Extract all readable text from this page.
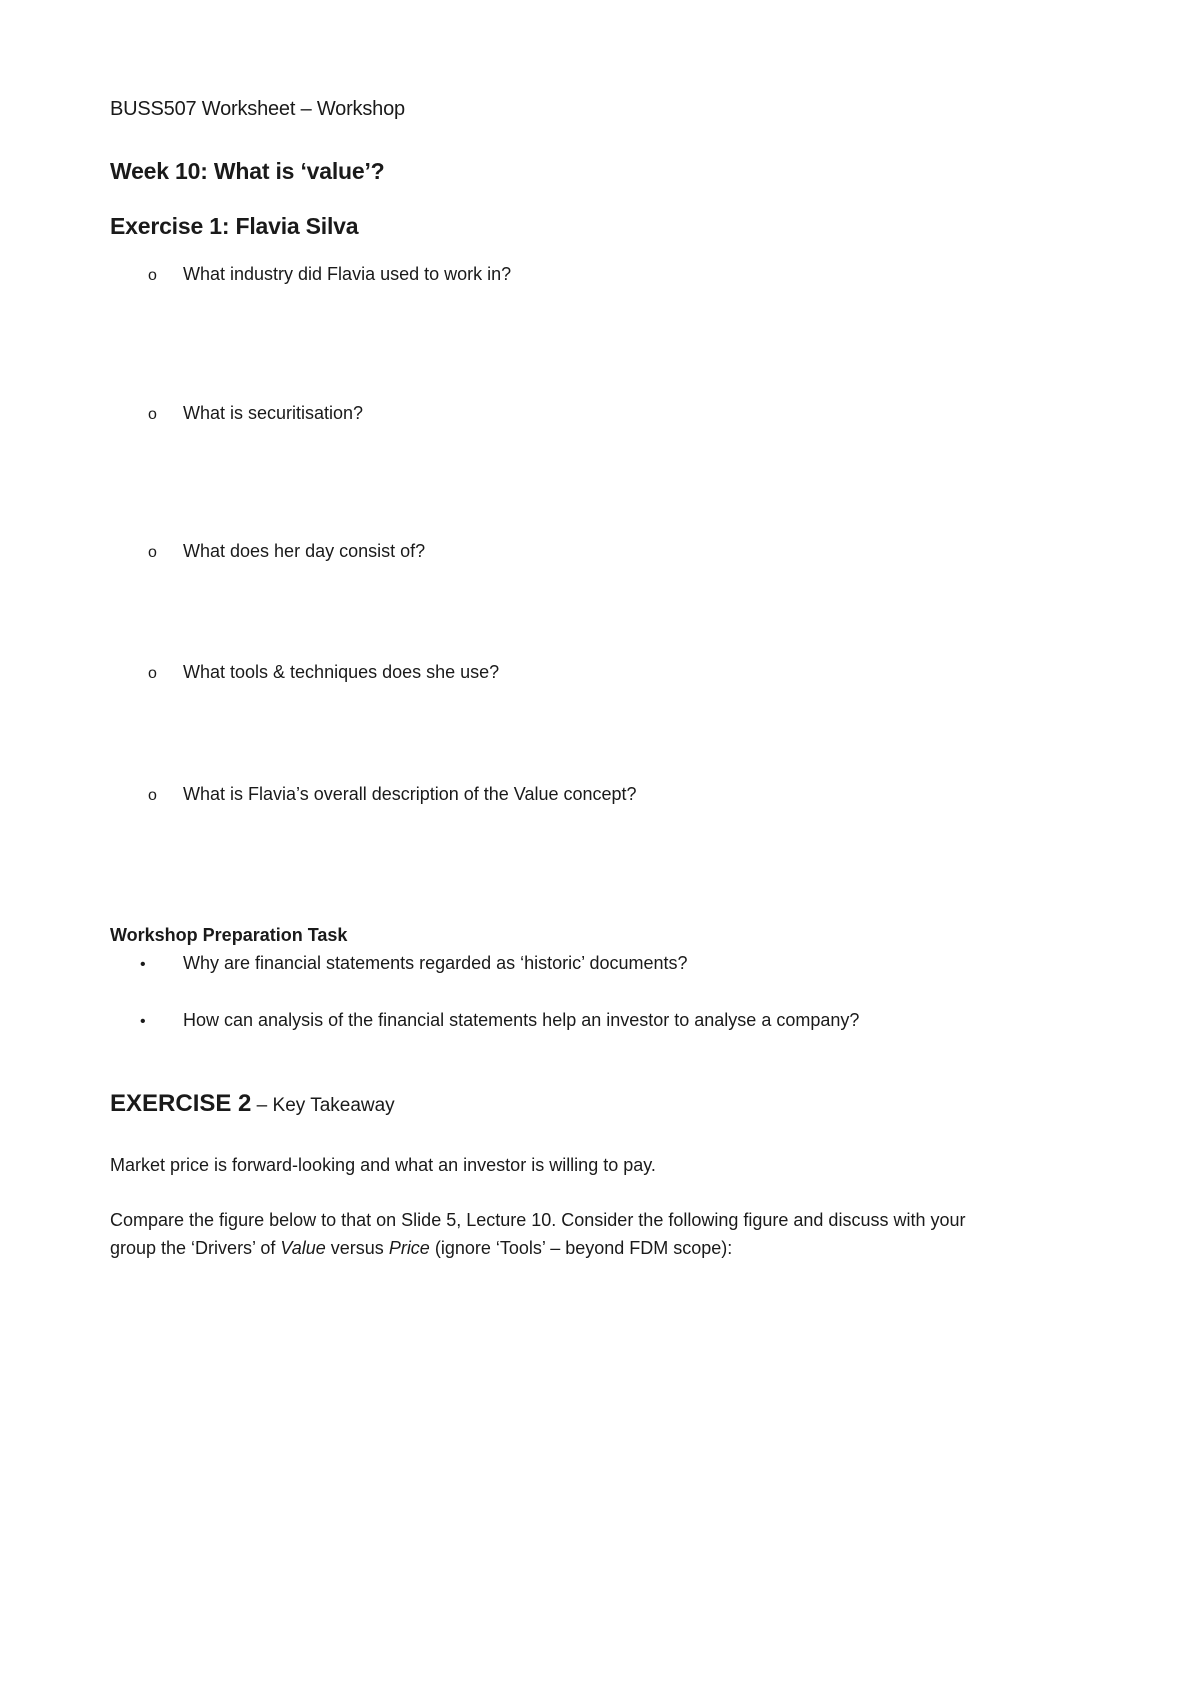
BUSS507 Worksheet – Workshop
Week 10: What is ‘value’?
Exercise 1: Flavia Silva
o	What industry did Flavia used to work in?
o	What is securitisation?
o	What does her day consist of?
o	What tools & techniques does she use?
o	What is Flavia’s overall description of the Value concept?
Workshop Preparation Task
•	Why are financial statements regarded as ‘historic’ documents?
•	How can analysis of the financial statements help an investor to analyse a company?
EXERCISE 2 – Key Takeaway
Market price is forward-looking and what an investor is willing to pay.
Compare the figure below to that on Slide 5, Lecture 10. Consider the following figure and discuss with your
group the ‘Drivers’ of Value versus Price (ignore ‘Tools’ – beyond FDM scope):
